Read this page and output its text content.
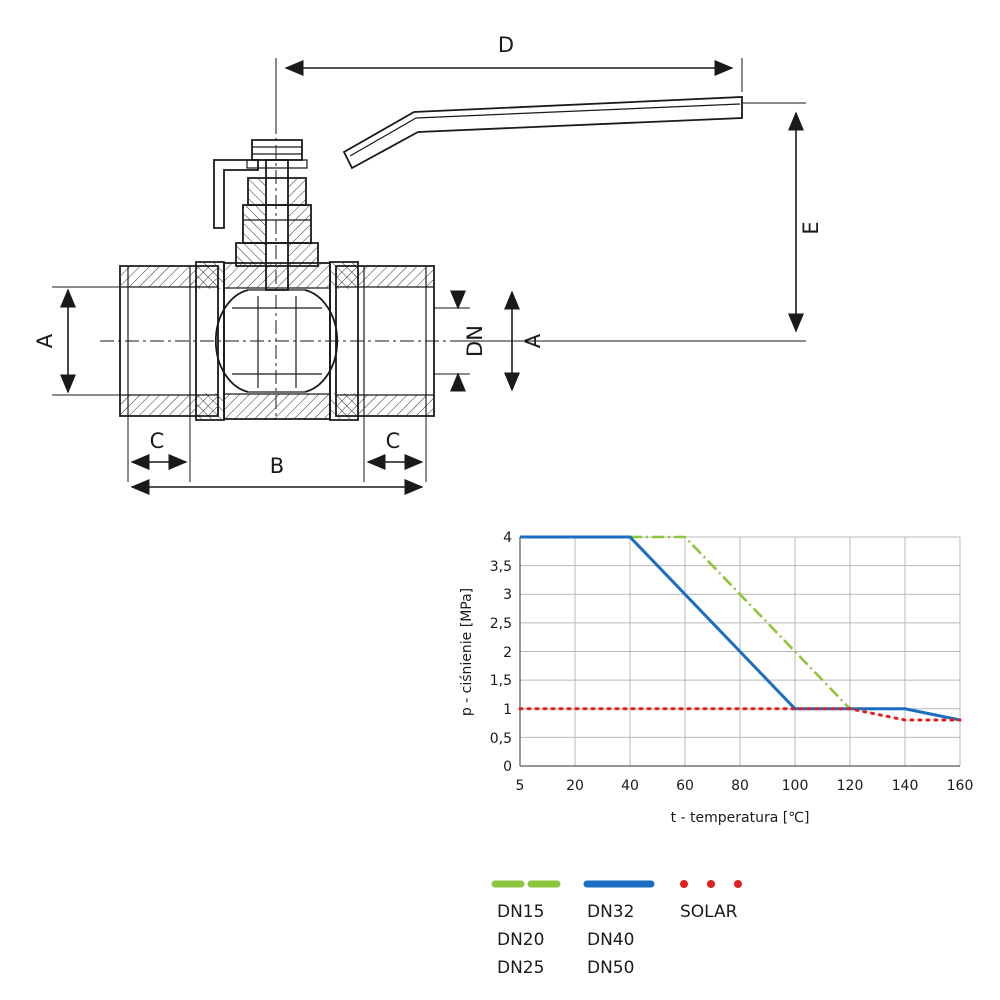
D
E
A	DN A
C	C
B
4
3,5
3
2,5
2
1,5
1
0,5
0
5	20	40	60	80 100 120 140 160
p - ciśnienie [MPa]
t - temperatura [℃]
DN15
DN20
DN25
DN32
DN40
DN50
SOLAR
